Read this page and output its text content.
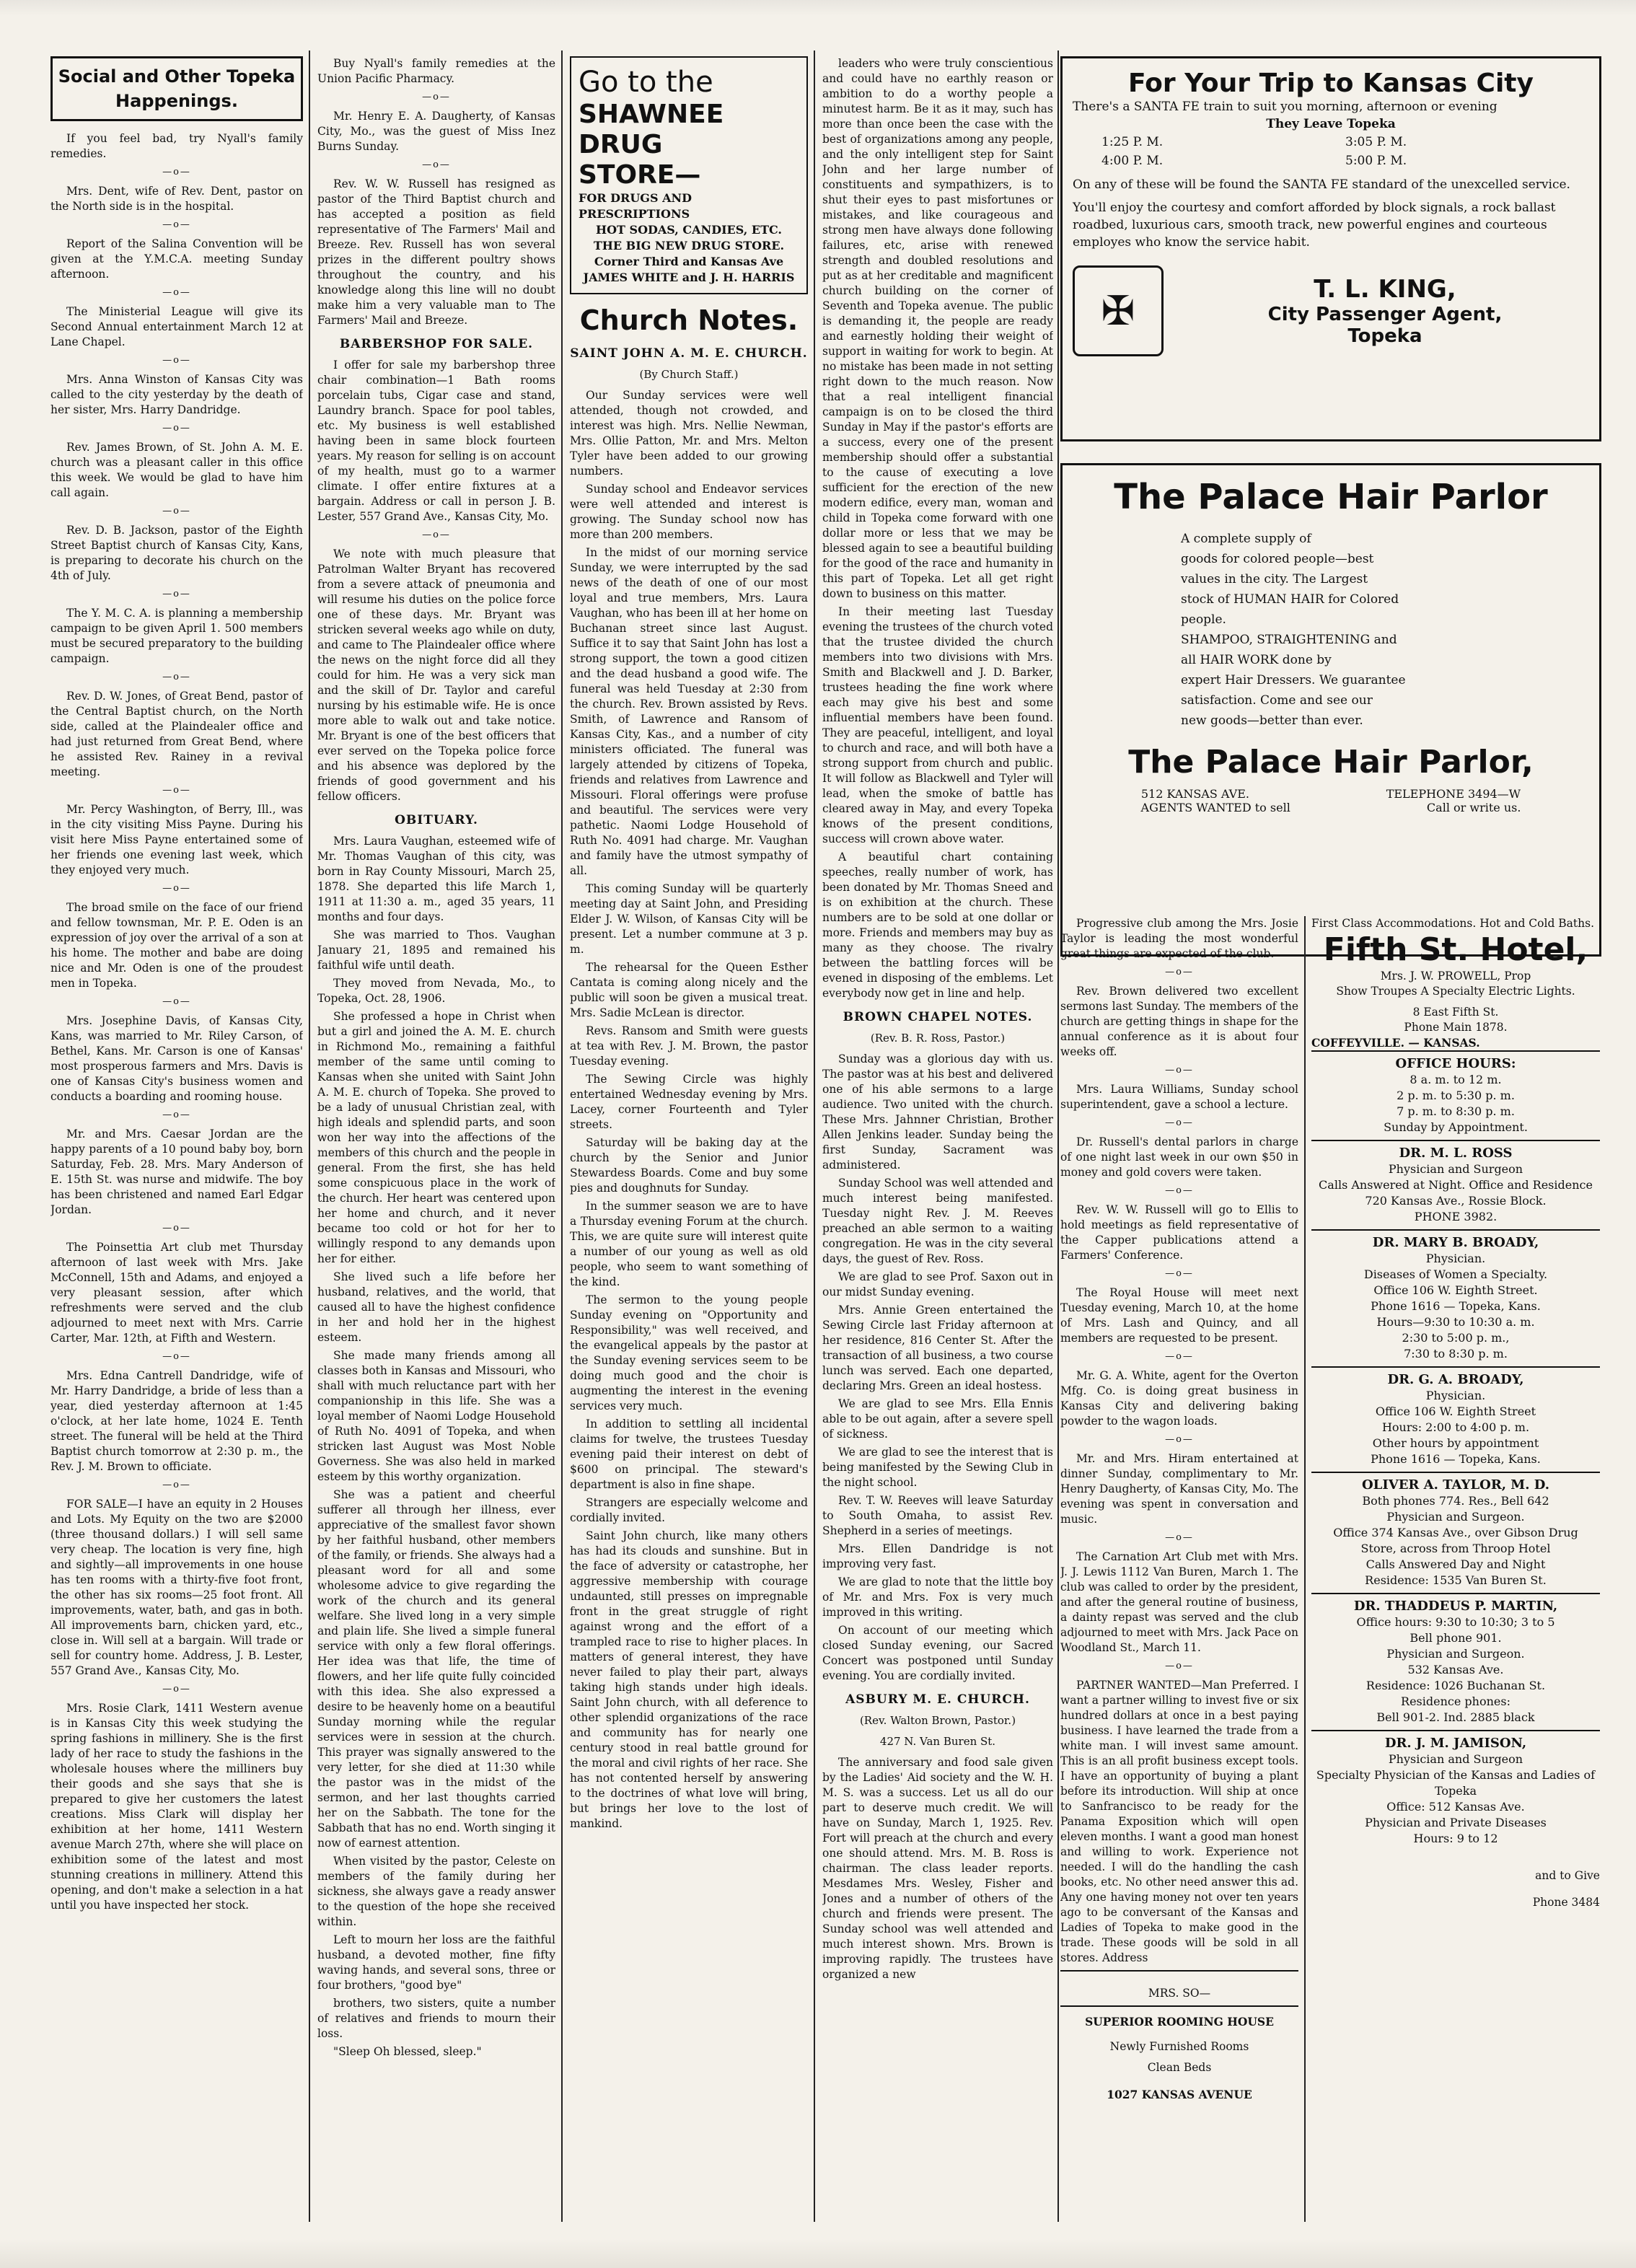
Social and Other Topeka Happenings.

If you feel bad, try Nyall's family remedies.

—o—

Mrs. Dent, wife of Rev. Dent, pastor on the North side is in the hospital.

—o—

Report of the Salina Convention will be given at the Y.M.C.A. meeting Sunday afternoon.

—o—

The Ministerial League will give its Second Annual entertainment March 12 at Lane Chapel.

—o—

Mrs. Anna Winston of Kansas City was called to the city yesterday by the death of her sister, Mrs. Harry Dandridge.

—o—

Rev. James Brown, of St. John A. M. E. church was a pleasant caller in this office this week. We would be glad to have him call again.

—o—

Rev. D. B. Jackson, pastor of the Eighth Street Baptist church of Kansas City, Kans, is preparing to decorate his church on the 4th of July.

—o—

The Y. M. C. A. is planning a membership campaign to be given April 1. 500 members must be secured preparatory to the building campaign.

—o—

Rev. D. W. Jones, of Great Bend, pastor of the Central Baptist church, on the North side, called at the Plaindealer office and had just returned from Great Bend, where he assisted Rev. Rainey in a revival meeting.

—o—

Mr. Percy Washington, of Berry, Ill., was in the city visiting Miss Payne. During his visit here Miss Payne entertained some of her friends one evening last week, which they enjoyed very much.

—o—

The broad smile on the face of our friend and fellow townsman, Mr. P. E. Oden is an expression of joy over the arrival of a son at his home. The mother and babe are doing nice and Mr. Oden is one of the proudest men in Topeka.

—o—

Mrs. Josephine Davis, of Kansas City, Kans, was married to Mr. Riley Carson, of Bethel, Kans. Mr. Carson is one of Kansas' most prosperous farmers and Mrs. Davis is one of Kansas City's business women and conducts a boarding and rooming house.

—o—

Mr. and Mrs. Caesar Jordan are the happy parents of a 10 pound baby boy, born Saturday, Feb. 28. Mrs. Mary Anderson of E. 15th St. was nurse and midwife. The boy has been christened and named Earl Edgar Jordan.

—o—

The Poinsettia Art club met Thursday afternoon of last week with Mrs. Jake McConnell, 15th and Adams, and enjoyed a very pleasant session, after which refreshments were served and the club adjourned to meet next with Mrs. Carrie Carter, Mar. 12th, at Fifth and Western.

—o—

Mrs. Edna Cantrell Dandridge, wife of Mr. Harry Dandridge, a bride of less than a year, died yesterday afternoon at 1:45 o'clock, at her late home, 1024 E. Tenth street. The funeral will be held at the Third Baptist church tomorrow at 2:30 p. m., the Rev. J. M. Brown to officiate.

—o—

FOR SALE—I have an equity in 2 Houses and Lots. My Equity on the two are $2000 (three thousand dollars.) I will sell same very cheap. The location is very fine, high and sightly—all improvements in one house has ten rooms with a thirty-five foot front, the other has six rooms—25 foot front. All improvements, water, bath, and gas in both. All improvements barn, chicken yard, etc., close in. Will sell at a bargain. Will trade or sell for country home. Address, J. B. Lester, 557 Grand Ave., Kansas City, Mo.

—o—

Mrs. Rosie Clark, 1411 Western avenue is in Kansas City this week studying the spring fashions in millinery. She is the first lady of her race to study the fashions in the wholesale houses where the milliners buy their goods and she says that she is prepared to give her customers the latest creations. Miss Clark will display her exhibition at her home, 1411 Western avenue March 27th, where she will place on exhibition some of the latest and most stunning creations in millinery. Attend this opening, and don't make a selection in a hat until you have inspected her stock.

Buy Nyall's family remedies at the Union Pacific Pharmacy.

—o—

Mr. Henry E. A. Daugherty, of Kansas City, Mo., was the guest of Miss Inez Burns Sunday.

—o—

Rev. W. W. Russell has resigned as pastor of the Third Baptist church and has accepted a position as field representative of The Farmers' Mail and Breeze. Rev. Russell has won several prizes in the different poultry shows throughout the country, and his knowledge along this line will no doubt make him a very valuable man to The Farmers' Mail and Breeze.

BARBERSHOP FOR SALE.

I offer for sale my barbershop three chair combination—1 Bath rooms porcelain tubs, Cigar case and stand, Laundry branch. Space for pool tables, etc. My business is well established having been in same block fourteen years. My reason for selling is on account of my health, must go to a warmer climate. I offer entire fixtures at a bargain. Address or call in person J. B. Lester, 557 Grand Ave., Kansas City, Mo.

—o—

We note with much pleasure that Patrolman Walter Bryant has recovered from a severe attack of pneumonia and will resume his duties on the police force one of these days. Mr. Bryant was stricken several weeks ago while on duty, and came to The Plaindealer office where the news on the night force did all they could for him. He was a very sick man and the skill of Dr. Taylor and careful nursing by his estimable wife. He is once more able to walk out and take notice. Mr. Bryant is one of the best officers that ever served on the Topeka police force and his absence was deplored by the friends of good government and his fellow officers.

OBITUARY.

Mrs. Laura Vaughan, esteemed wife of Mr. Thomas Vaughan of this city, was born in Ray County Missouri, March 25, 1878. She departed this life March 1, 1911 at 11:30 a. m., aged 35 years, 11 months and four days.

She was married to Thos. Vaughan January 21, 1895 and remained his faithful wife until death.

They moved from Nevada, Mo., to Topeka, Oct. 28, 1906.

She professed a hope in Christ when but a girl and joined the A. M. E. church in Richmond Mo., remaining a faithful member of the same until coming to Kansas when she united with Saint John A. M. E. church of Topeka. She proved to be a lady of unusual Christian zeal, with high ideals and splendid parts, and soon won her way into the affections of the members of this church and the people in general. From the first, she has held some conspicuous place in the work of the church. Her heart was centered upon her home and church, and it never became too cold or hot for her to willingly respond to any demands upon her for either.

She lived such a life before her husband, relatives, and the world, that caused all to have the highest confidence in her and hold her in the highest esteem.

She made many friends among all classes both in Kansas and Missouri, who shall with much reluctance part with her companionship in this life. She was a loyal member of Naomi Lodge Household of Ruth No. 4091 of Topeka, and when stricken last August was Most Noble Governess. She was also held in marked esteem by this worthy organization.

She was a patient and cheerful sufferer all through her illness, ever appreciative of the smallest favor shown by her faithful husband, other members of the family, or friends. She always had a pleasant word for all and some wholesome advice to give regarding the work of the church and its general welfare. She lived long in a very simple and plain life. She lived a simple funeral service with only a few floral offerings. Her idea was that life, the time of flowers, and her life quite fully coincided with this idea. She also expressed a desire to be heavenly home on a beautiful Sunday morning while the regular services were in session at the church. This prayer was signally answered to the very letter, for she died at 11:30 while the pastor was in the midst of the sermon, and her last thoughts carried her on the Sabbath. The tone for the Sabbath that has no end. Worth singing it now of earnest attention.

When visited by the pastor, Celeste on members of the family during her sickness, she always gave a ready answer to the question of the hope she received within.

Left to mourn her loss are the faithful husband, a devoted mother, fine fifty waving hands, and several sons, three or four brothers, "good bye"

brothers, two sisters, quite a number of relatives and friends to mourn their loss.

"Sleep Oh blessed, sleep."

Go to the
SHAWNEE DRUG
STORE—
FOR DRUGS AND PRESCRIPTIONS
HOT SODAS, CANDIES, ETC.
THE BIG NEW DRUG STORE.
Corner Third and Kansas Ave JAMES WHITE and J. H. HARRIS
Church Notes.
SAINT JOHN A. M. E. CHURCH.
(By Church Staff.)

Our Sunday services were well attended, though not crowded, and interest was high. Mrs. Nellie Newman, Mrs. Ollie Patton, Mr. and Mrs. Melton Tyler have been added to our growing numbers.

Sunday school and Endeavor services were well attended and interest is growing. The Sunday school now has more than 200 members.

In the midst of our morning service Sunday, we were interrupted by the sad news of the death of one of our most loyal and true members, Mrs. Laura Vaughan, who has been ill at her home on Buchanan street since last August. Suffice it to say that Saint John has lost a strong support, the town a good citizen and the dead husband a good wife. The funeral was held Tuesday at 2:30 from the church. Rev. Brown assisted by Revs. Smith, of Lawrence and Ransom of Kansas City, Kas., and a number of city ministers officiated. The funeral was largely attended by citizens of Topeka, friends and relatives from Lawrence and Missouri. Floral offerings were profuse and beautiful. The services were very pathetic. Naomi Lodge Household of Ruth No. 4091 had charge. Mr. Vaughan and family have the utmost sympathy of all.

This coming Sunday will be quarterly meeting day at Saint John, and Presiding Elder J. W. Wilson, of Kansas City will be present. Let a number commune at 3 p. m.

The rehearsal for the Queen Esther Cantata is coming along nicely and the public will soon be given a musical treat. Mrs. Sadie McLean is director.

Revs. Ransom and Smith were guests at tea with Rev. J. M. Brown, the pastor Tuesday evening.

The Sewing Circle was highly entertained Wednesday evening by Mrs. Lacey, corner Fourteenth and Tyler streets.

Saturday will be baking day at the church by the Senior and Junior Stewardess Boards. Come and buy some pies and doughnuts for Sunday.

In the summer season we are to have a Thursday evening Forum at the church. This, we are quite sure will interest quite a number of our young as well as old people, who seem to want something of the kind.

The sermon to the young people Sunday evening on "Opportunity and Responsibility," was well received, and the evangelical appeals by the pastor at the Sunday evening services seem to be doing much good and the choir is augmenting the interest in the evening services very much.

In addition to settling all incidental claims for twelve, the trustees Tuesday evening paid their interest on debt of $600 on principal. The steward's department is also in fine shape.

Strangers are especially welcome and cordially invited.

Saint John church, like many others has had its clouds and sunshine. But in the face of adversity or catastrophe, her aggressive membership with courage undaunted, still presses on impregnable front in the great struggle of right against wrong and the effort of a trampled race to rise to higher places. In matters of general interest, they have never failed to play their part, always taking high stands under high ideals. Saint John church, with all deference to other splendid organizations of the race and community has for nearly one century stood in real battle ground for the moral and civil rights of her race. She has not contented herself by answering to the doctrines of what love will bring, but brings her love to the lost of mankind.

leaders who were truly conscientious and could have no earthly reason or ambition to do a worthy people a minutest harm. Be it as it may, such has more than once been the case with the best of organizations among any people, and the only intelligent step for Saint John and her large number of constituents and sympathizers, is to shut their eyes to past misfortunes or mistakes, and like courageous and strong men have always done following failures, etc, arise with renewed strength and doubled resolutions and put as at her creditable and magnificent church building on the corner of Seventh and Topeka avenue. The public is demanding it, the people are ready and earnestly holding their weight of support in waiting for work to begin. At no mistake has been made in not setting right down to the much reason. Now that a real intelligent financial campaign is on to be closed the third Sunday in May if the pastor's efforts are a success, every one of the present membership should offer a substantial to the cause of executing a love sufficient for the erection of the new modern edifice, every man, woman and child in Topeka come forward with one dollar more or less that we may be blessed again to see a beautiful building for the good of the race and humanity in this part of Topeka. Let all get right down to business on this matter.

In their meeting last Tuesday evening the trustees of the church voted that the trustee divided the church members into two divisions with Mrs. Smith and Blackwell and J. D. Barker, trustees heading the fine work where each may give his best and some influential members have been found. They are peaceful, intelligent, and loyal to church and race, and will both have a strong support from church and public. It will follow as Blackwell and Tyler will lead, when the smoke of battle has cleared away in May, and every Topeka knows of the present conditions, success will crown above water.

A beautiful chart containing speeches, really number of work, has been donated by Mr. Thomas Sneed and is on exhibition at the church. These numbers are to be sold at one dollar or more. Friends and members may buy as many as they choose. The rivalry between the battling forces will be evened in disposing of the emblems. Let everybody now get in line and help.

BROWN CHAPEL NOTES.
(Rev. B. R. Ross, Pastor.)

Sunday was a glorious day with us. The pastor was at his best and delivered one of his able sermons to a large audience. Two united with the church. These Mrs. Jahnner Christian, Brother Allen Jenkins leader. Sunday being the first Sunday, Sacrament was administered.

Sunday School was well attended and much interest being manifested. Tuesday night Rev. J. M. Reeves preached an able sermon to a waiting congregation. He was in the city several days, the guest of Rev. Ross.

We are glad to see Prof. Saxon out in our midst Sunday evening.

Mrs. Annie Green entertained the Sewing Circle last Friday afternoon at her residence, 816 Center St. After the transaction of all business, a two course lunch was served. Each one departed, declaring Mrs. Green an ideal hostess.

We are glad to see Mrs. Ella Ennis able to be out again, after a severe spell of sickness.

We are glad to see the interest that is being manifested by the Sewing Club in the night school.

Rev. T. W. Reeves will leave Saturday to South Omaha, to assist Rev. Shepherd in a series of meetings.

Mrs. Ellen Dandridge is not improving very fast.

We are glad to note that the little boy of Mr. and Mrs. Fox is very much improved in this writing.

On account of our meeting which closed Sunday evening, our Sacred Concert was postponed until Sunday evening. You are cordially invited.

ASBURY M. E. CHURCH.
(Rev. Walton Brown, Pastor.)
427 N. Van Buren St.

The anniversary and food sale given by the Ladies' Aid society and the W. H. M. S. was a success. Let us all do our part to deserve much credit. We will have on Sunday, March 1, 1925. Rev. Fort will preach at the church and every one should attend. Mrs. M. B. Ross is chairman. The class leader reports. Mesdames Mrs. Wesley, Fisher and Jones and a number of others of the church and friends were present. The Sunday school was well attended and much interest shown. Mrs. Brown is improving rapidly. The trustees have organized a new

For Your Trip to Kansas City
There's a SANTA FE train to suit you morning, afternoon or evening
They Leave Topeka
1:25 P. M.	3:05 P. M.
4:00 P. M.	5:00 P. M.
On any of these will be found the SANTA FE standard of the unexcelled service.
You'll enjoy the courtesy and comfort afforded by block signals, a rock ballast roadbed, luxurious cars, smooth track, new powerful engines and courteous employes who know the service habit.
✠	T. L. KING,
City Passenger Agent,
Topeka
The Palace Hair Parlor
A complete supply of
goods for colored people—best
values in the city. The Largest
stock of HUMAN HAIR for Colored
people.
SHAMPOO, STRAIGHTENING and
all HAIR WORK done by
expert Hair Dressers. We guarantee
satisfaction. Come and see our
new goods—better than ever.
The Palace Hair Parlor,
512 KANSAS AVE.	TELEPHONE 3494—W
AGENTS WANTED to sell	Call or write us.

Progressive club among the Mrs. Josie Taylor is leading the most wonderful great things are expected of the club.

—o—

Rev. Brown delivered two excellent sermons last Sunday. The members of the church are getting things in shape for the annual conference as it is about four weeks off.

—o—

Mrs. Laura Williams, Sunday school superintendent, gave a school a lecture.

—o—

Dr. Russell's dental parlors in charge of one night last week in our own $50 in money and gold covers were taken.

—o—

Rev. W. W. Russell will go to Ellis to hold meetings as field representative of the Capper publications attend a Farmers' Conference.

—o—

The Royal House will meet next Tuesday evening, March 10, at the home of Mrs. Lash and Quincy, and all members are requested to be present.

—o—

Mr. G. A. White, agent for the Overton Mfg. Co. is doing great business in Kansas City and delivering baking powder to the wagon loads.

—o—

Mr. and Mrs. Hiram entertained at dinner Sunday, complimentary to Mr. Henry Daugherty, of Kansas City, Mo. The evening was spent in conversation and music.

—o—

The Carnation Art Club met with Mrs. J. J. Lewis 1112 Van Buren, March 1. The club was called to order by the president, and after the general routine of business, a dainty repast was served and the club adjourned to meet with Mrs. Jack Pace on Woodland St., March 11.

—o—

PARTNER WANTED—Man Preferred. I want a partner willing to invest five or six hundred dollars at once in a best paying business. I have learned the trade from a white man. I will invest same amount. This is an all profit business except tools. I have an opportunity of buying a plant before its introduction. Will ship at once to Sanfrancisco to be ready for the Panama Exposition which will open eleven months. I want a good man honest and willing to work. Experience not needed. I will do the handling the cash books, etc. No other need answer this ad. Any one having money not over ten years ago to be conversant of the Kansas and Ladies of Topeka to make good in the trade. These goods will be sold in all stores. Address

MRS. SO—
SUPERIOR ROOMING HOUSE
Newly Furnished Rooms
Clean Beds
1027 KANSAS AVENUE
First Class Accommodations. Hot and Cold Baths.
Fifth St. Hotel,
Mrs. J. W. PROWELL, Prop
Show Troupes A Specialty Electric Lights.
8 East Fifth St.
Phone Main 1878.
COFFEYVILLE. — KANSAS.
OFFICE HOURS:
8 a. m. to 12 m.
2 p. m. to 5:30 p. m.
7 p. m. to 8:30 p. m.
Sunday by Appointment.
DR. M. L. ROSS
Physician and Surgeon
Calls Answered at Night. Office and Residence 720 Kansas Ave., Rossie Block.
PHONE 3982.
DR. MARY B. BROADY,
Physician.
Diseases of Women a Specialty.
Office 106 W. Eighth Street.
Phone 1616 — Topeka, Kans.
Hours—9:30 to 10:30 a. m.
2:30 to 5:00 p. m.,
7:30 to 8:30 p. m.
DR. G. A. BROADY,
Physician.
Office 106 W. Eighth Street
Hours: 2:00 to 4:00 p. m.
Other hours by appointment
Phone 1616 — Topeka, Kans.
OLIVER A. TAYLOR, M. D.
Both phones 774. Res., Bell 642
Physician and Surgeon.
Office 374 Kansas Ave., over Gibson Drug Store, across from Throop Hotel
Calls Answered Day and Night
Residence: 1535 Van Buren St.
DR. THADDEUS P. MARTIN,
Office hours: 9:30 to 10:30; 3 to 5
Bell phone 901.
Physician and Surgeon.
532 Kansas Ave.
Residence: 1026 Buchanan St.
Residence phones:
Bell 901-2. Ind. 2885 black
DR. J. M. JAMISON,
Physician and Surgeon
Specialty Physician of the Kansas and Ladies of Topeka
Office: 512 Kansas Ave.
Physician and Private Diseases
Hours: 9 to 12
and to Give
Phone 3484
